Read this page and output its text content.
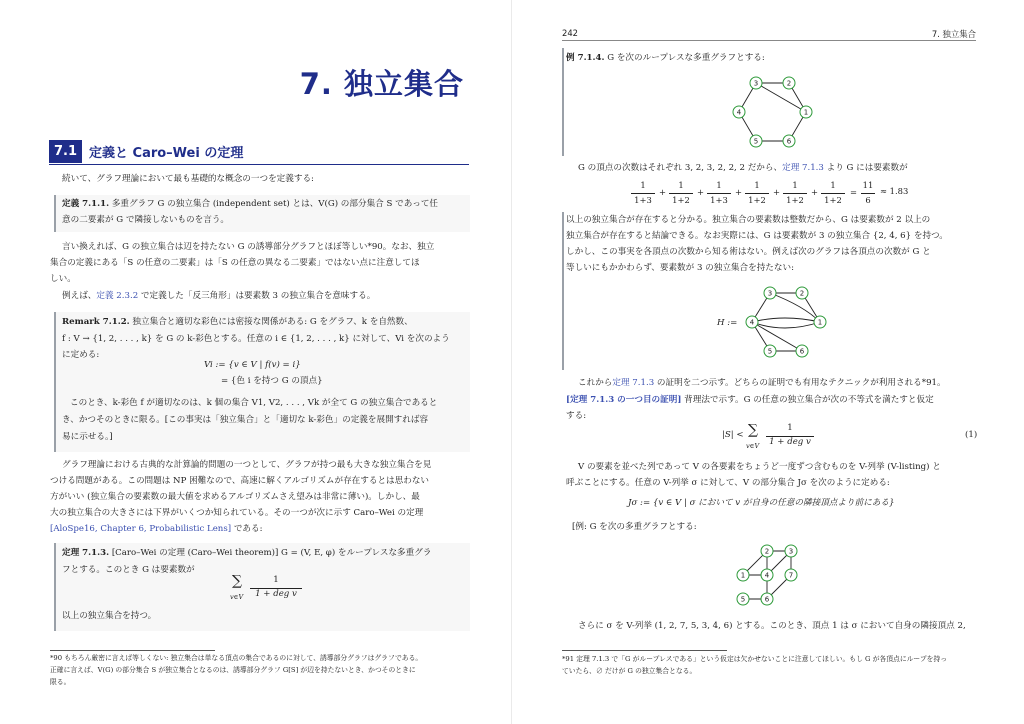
7. 独立集合
7.1 定義と Caro–Wei の定理
続いて、グラフ理論において最も基礎的な概念の一つを定義する:
定義 7.1.1. 多重グラフ G の独立集合 (independent set) とは、V(G) の部分集合 S であって任
意の二要素が G で隣接しないものを言う。
言い換えれば、G の独立集合は辺を持たない G の誘導部分グラフとほぼ等しい*90。なお、独立
集合の定義にある「S の任意の二要素」は「S の任意の異なる二要素」ではない点に注意してほ
しい。
例えば、定義 2.3.2 で定義した「反三角形」は要素数 3 の独立集合を意味する。
Remark 7.1.2. 独立集合と適切な彩色には密接な関係がある: G をグラフ、k を自然数、
f : V → {1, 2, . . . , k} を G の k-彩色とする。任意の i ∈ {1, 2, . . . , k} に対して、Vi を次のよう
に定める:
Vi := {v ∈ V | f(v) = i}
= {色 i を持つ G の頂点}
このとき、k-彩色 f が適切なのは、k 個の集合 V1, V2, . . . , Vk が全て G の独立集合であると
き、かつそのときに限る。[この事実は「独立集合」と「適切な k-彩色」の定義を展開すれば容
易に示せる。]
グラフ理論における古典的な計算論的問題の一つとして、グラフが持つ最も大きな独立集合を見
つける問題がある。この問題は NP 困難なので、高速に解くアルゴリズムが存在するとは思わない
方がいい (独立集合の要素数の最大値を求めるアルゴリズムさえ望みは非常に薄い)。しかし、最
大の独立集合の大きさには下界がいくつか知られている。その一つが次に示す Caro–Wei の定理
[AloSpe16, Chapter 6, Probabilistic Lens] である:
定理 7.1.3. [Caro–Wei の定理 (Caro–Wei theorem)] G = (V, E, φ) をループレスな多重グラ
フとする。このとき G は要素数が
∑
v∈V
1
1 + deg v
以上の独立集合を持つ。
*90 もちろん厳密に言えば等しくない: 独立集合は単なる頂点の集合であるのに対して、誘導部分グラフはグラフである。
正確に言えば、V(G) の部分集合 S が独立集合となるのは、誘導部分グラフ G[S] が辺を持たないとき、かつそのときに
限る。
242	7. 独立集合
例 7.1.4. G を次のループレスな多重グラフとする:
1
2
3
4
5	6
G の頂点の次数はそれぞれ 3, 2, 3, 2, 2, 2 だから、定理 7.1.3 より G には要素数が
1
1+3
+
1
1+2
+
1
1+3
+
1
1+2
+
1
1+2
+
1
1+2
=
11
6
≈ 1.83
以上の独立集合が存在すると分かる。独立集合の要素数は整数だから、G は要素数が 2 以上の
独立集合が存在すると結論できる。なお実際には、G は要素数が 3 の独立集合 {2, 4, 6} を持つ。
しかし、この事実を各頂点の次数から知る術はない。例えば次のグラフは各頂点の次数が G と
等しいにもかかわらず、要素数が 3 の独立集合を持たない:
H :=	1
2
3
4
5	6
これから定理 7.1.3 の証明を二つ示す。どちらの証明でも有用なテクニックが利用される*91。
[定理 7.1.3 の一つ目の証明] 背理法で示す。G の任意の独立集合が次の不等式を満たすと仮定
する:
|S| < ∑
v∈V
1
1 + deg v
(1)
V の要素を並べた列であって V の各要素をちょうど一度ずつ含むものを V-列挙 (V-listing) と
呼ぶことにする。任意の V-列挙 σ に対して、V の部分集合 Jσ を次のように定める:
Jσ := {v ∈ V | σ において v が自身の任意の隣接頂点より前にある}
[例: G を次の多重グラフとする:
1
2	3
4
5	6
7
さらに σ を V-列挙 (1, 2, 7, 5, 3, 4, 6) とする。このとき、頂点 1 は σ において自身の隣接頂点 2,
*91 定理 7.1.3 で「G がループレスである」という仮定は欠かせないことに注意してほしい。もし G が各頂点にループを持っ
ていたら、∅ だけが G の独立集合となる。
